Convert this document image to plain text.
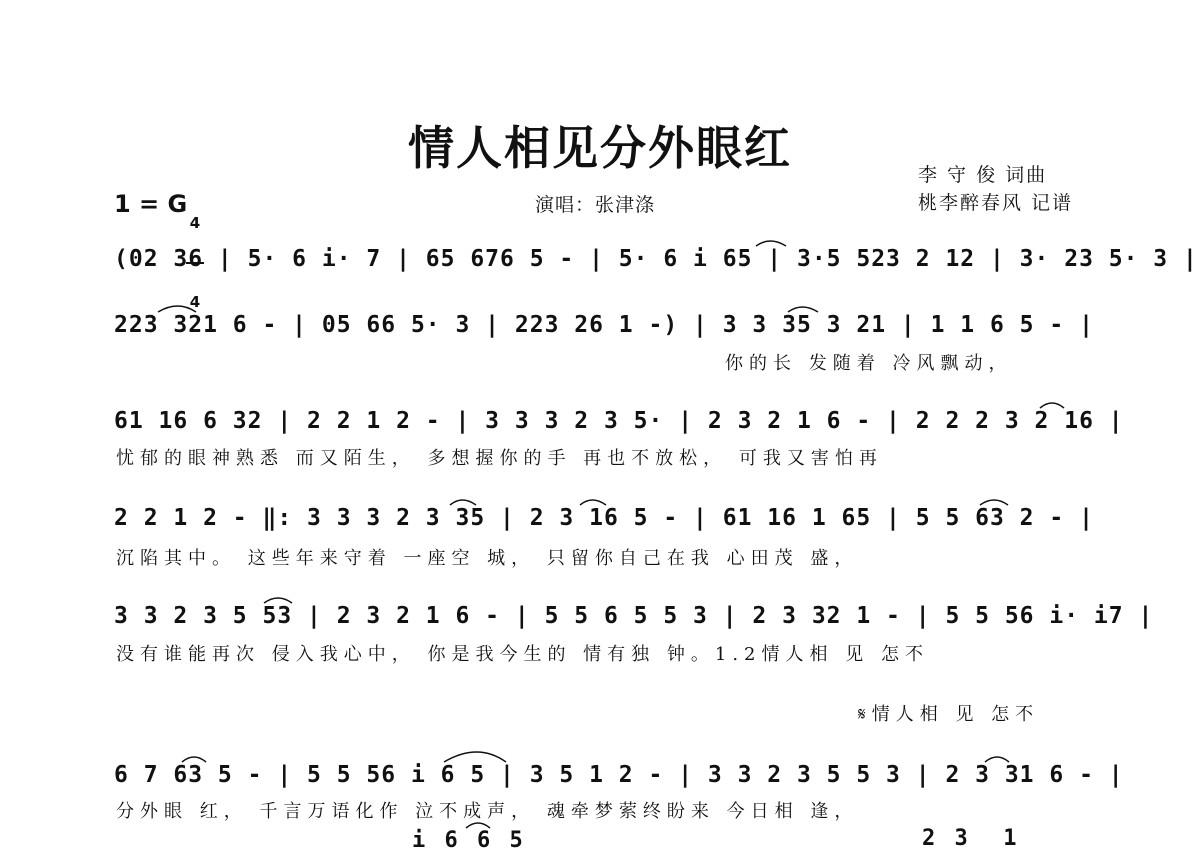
情人相见分外眼红	李 守 俊 词曲
桃李醉春风 记谱
1 = G

4

4

演唱：张津涤
(02 36 | 5· 6 i· 7 | 65 676 5 - | 5· 6 i 65 | 3·5 523 2 12 | 3· 23 5· 3 |
223 321 6 - | 05 66 5· 3 | 223 26 1 -) | 3 3 35 3 21 | 1 1 6 5 - |
你的长 发随着 冷风飘动，
61 16 6 32 | 2 2 1 2 - | 3 3 3 2 3 5· | 2 3 2 1 6 - | 2 2 2 3 2 16 |
忧郁的眼神熟悉 而又陌生， 多想握你的手 再也不放松， 可我又害怕再
2 2 1 2 - ‖: 3 3 3 2 3 35 | 2 3 16 5 - | 61 16 1 65 | 5 5 63 2 - |
沉陷其中。 这些年来守着 一座空 城， 只留你自己在我 心田茂 盛，
3 3 2 3 5 53 | 2 3 2 1 6 - | 5 5 6 5 5 3 | 2 3 32 1 - | 5 5 56 i· i7 |
没有谁能再次 侵入我心中， 你是我今生的 情有独 钟。1.2情人相 见 怎不
𝄋情人相 见 怎不
6 7 63 5 - | 5 5 56 i 6 5 | 3 5 1 2 - | 3 3 2 3 5 5 3 | 2 3 31 6 - |
分外眼 红， 千言万语化作 泣不成声， 魂牵梦萦终盼来 今日相 逢，
i 6 6 5	2 3  1
